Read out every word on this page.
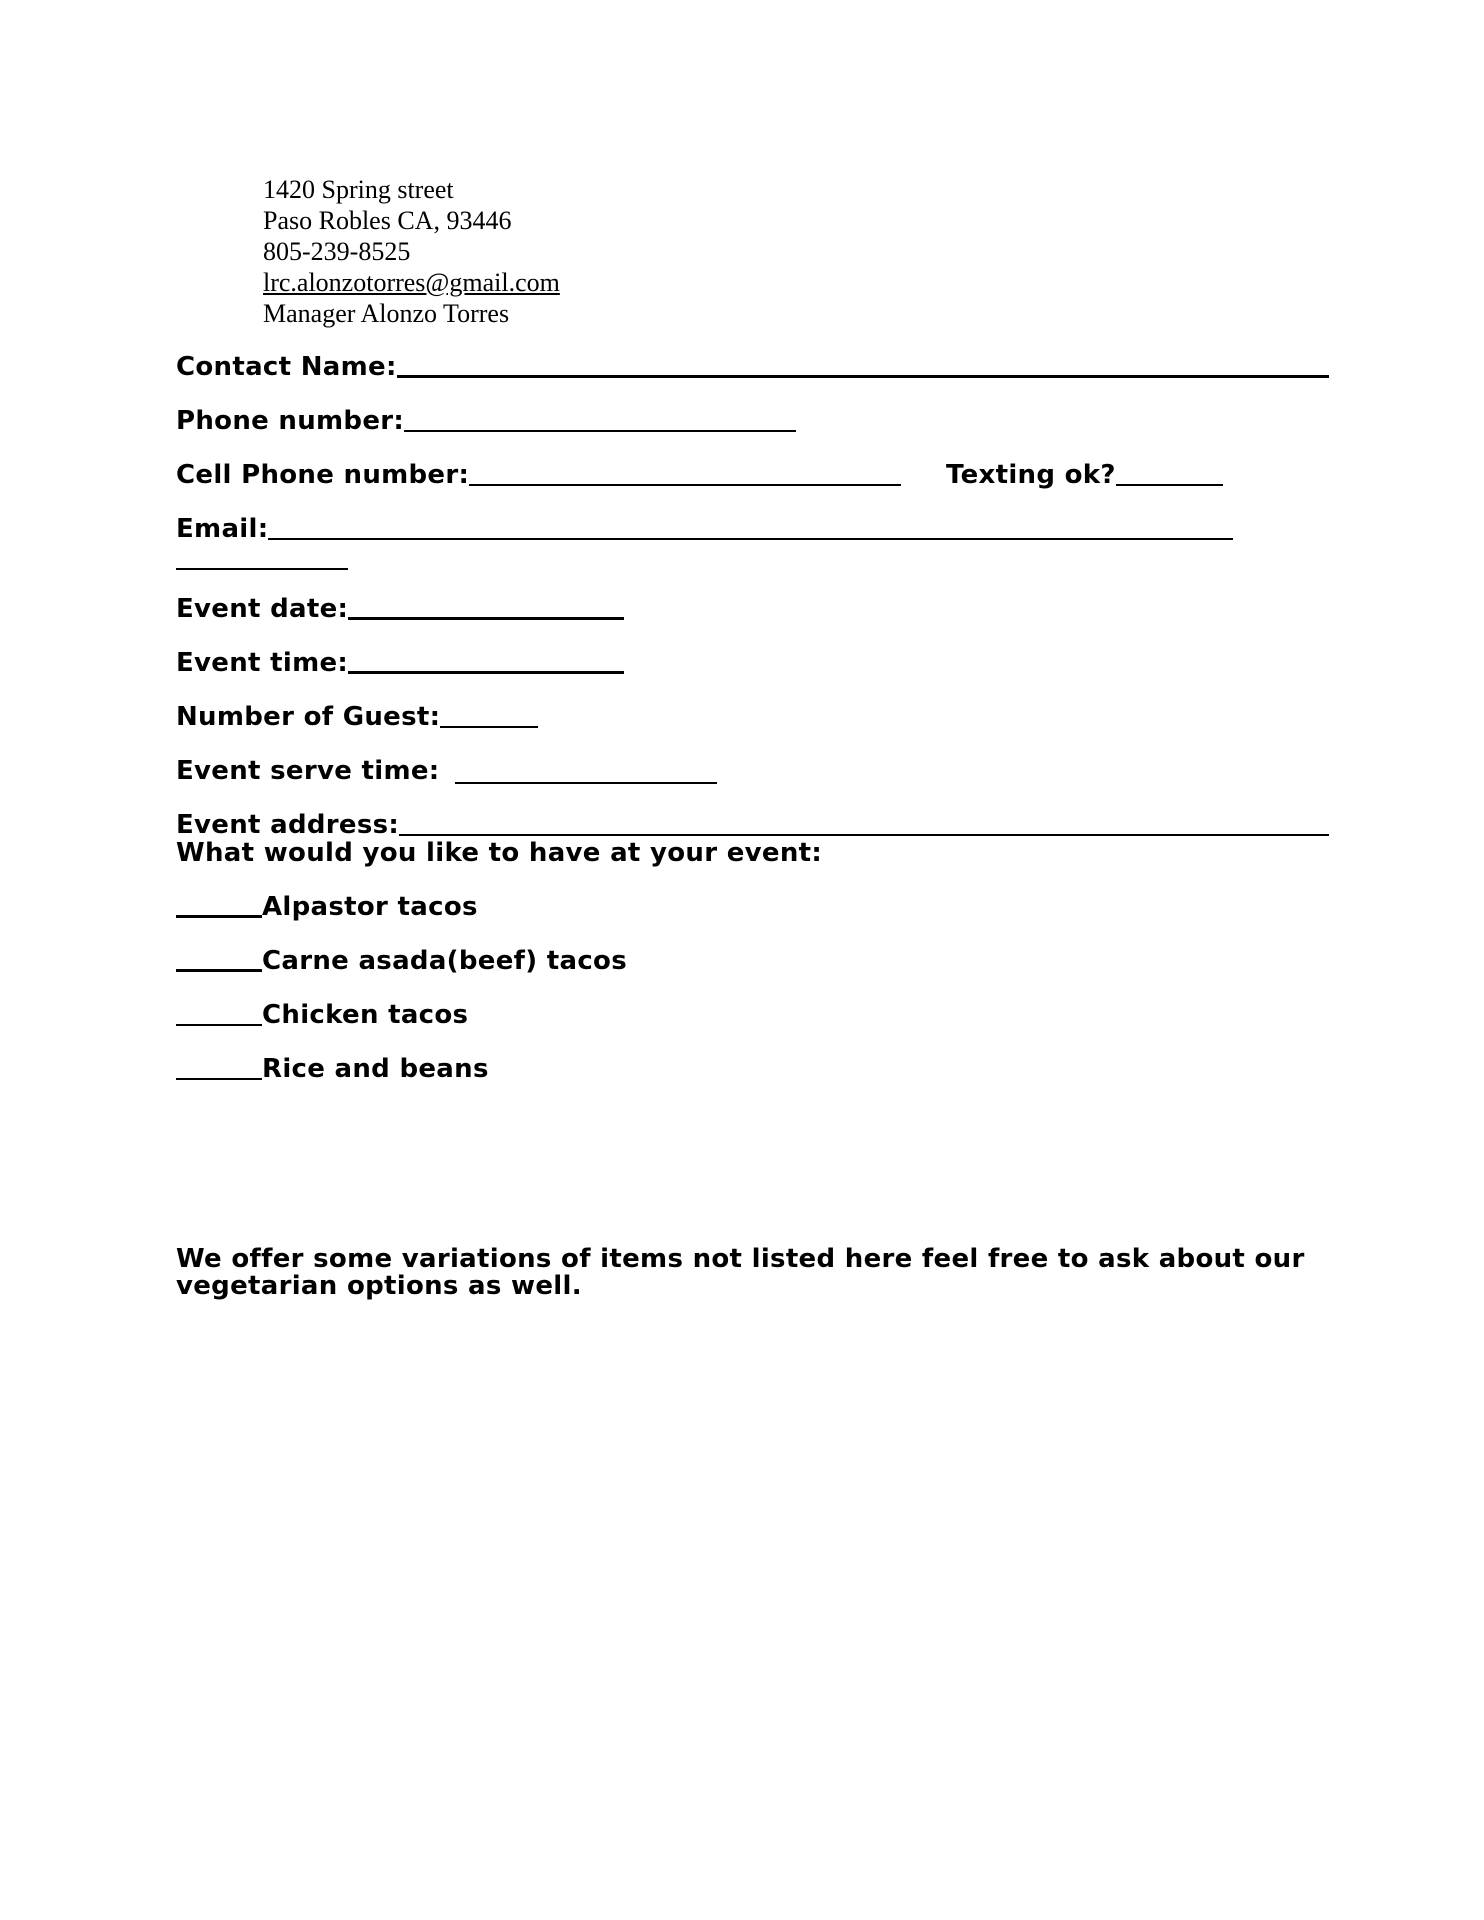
1420 Spring street
Paso Robles CA, 93446
805-239-8525
lrc.alonzotorres@gmail.com
Manager Alonzo Torres
Contact Name:
Phone number:
Cell Phone number:	Texting ok?
Email:
Event date:
Event time:
Number of Guest:
Event serve time:
Event address:
What would you like to have at your event:
Alpastor tacos
Carne asada(beef) tacos
Chicken tacos
Rice and beans
We offer some variations of items not listed here feel free to ask about our
vegetarian options as well.
